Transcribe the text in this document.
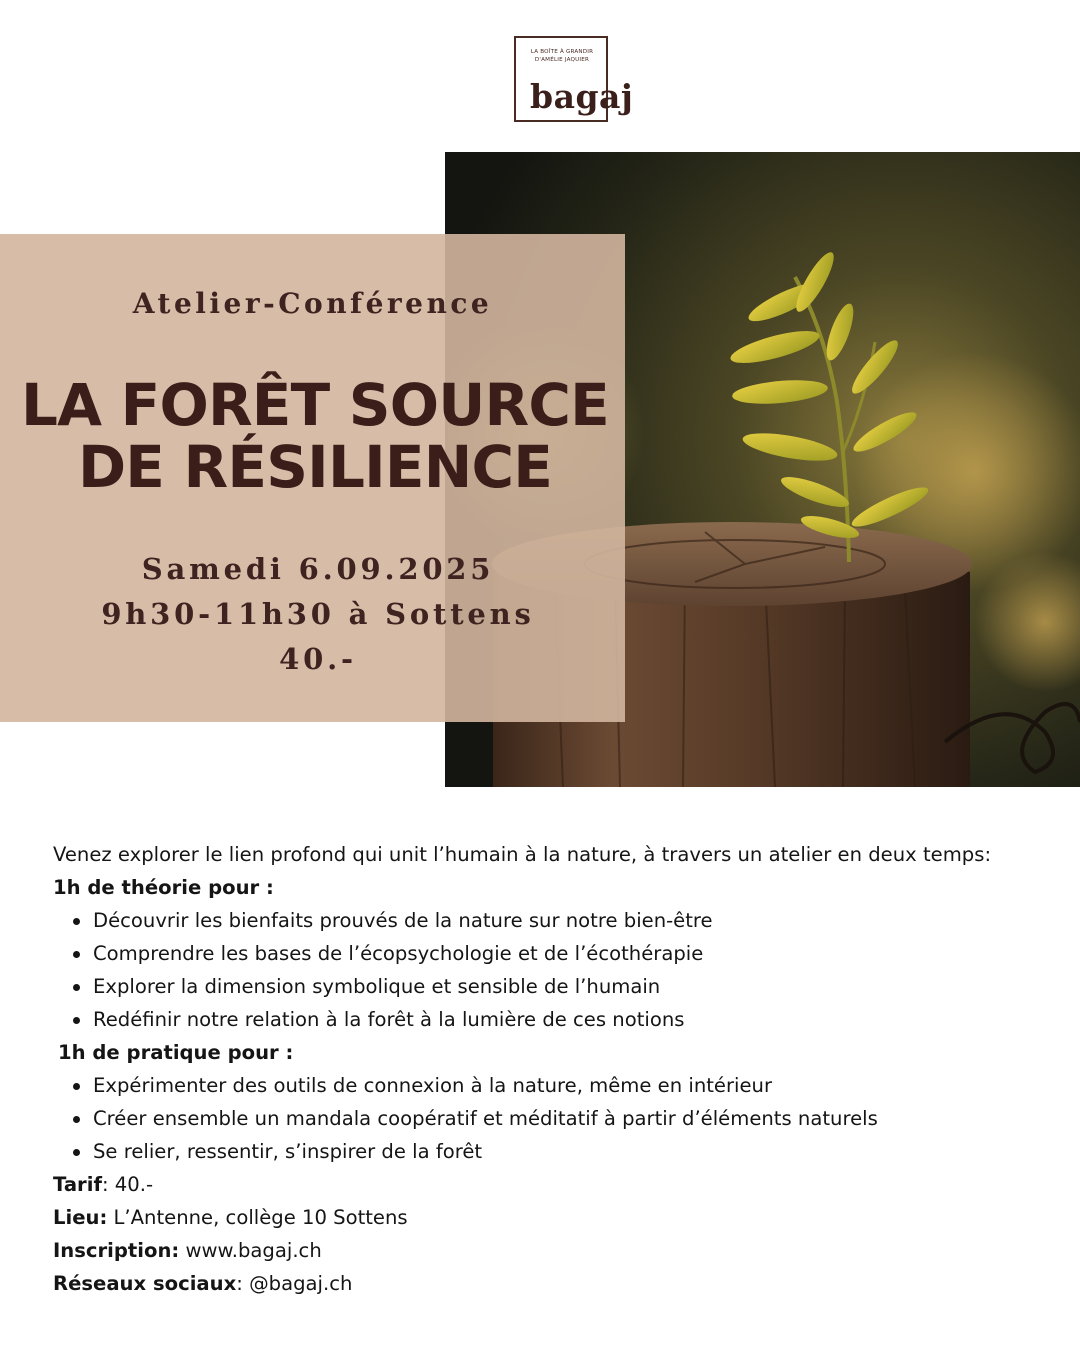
LA BOÎTE À GRANDIR
D'AMÉLIE JAQUIER
bagaj
Atelier-Conférence
LA FORÊT SOURCE
DE RÉSILIENCE
Samedi 6.09.2025
9h30-11h30 à Sottens
40.-

Venez explorer le lien profond qui unit l’humain à la nature, à travers un atelier en deux temps:

1h de théorie pour :

Découvrir les bienfaits prouvés de la nature sur notre bien-être
Comprendre les bases de l’écopsychologie et de l’écothérapie
Explorer la dimension symbolique et sensible de l’humain
Redéfinir notre relation à la forêt à la lumière de ces notions

1h de pratique pour :

Expérimenter des outils de connexion à la nature, même en intérieur
Créer ensemble un mandala coopératif et méditatif à partir d’éléments naturels
Se relier, ressentir, s’inspirer de la forêt

Tarif: 40.-

Lieu: L’Antenne, collège 10 Sottens

Inscription: www.bagaj.ch

Réseaux sociaux: @bagaj.ch
